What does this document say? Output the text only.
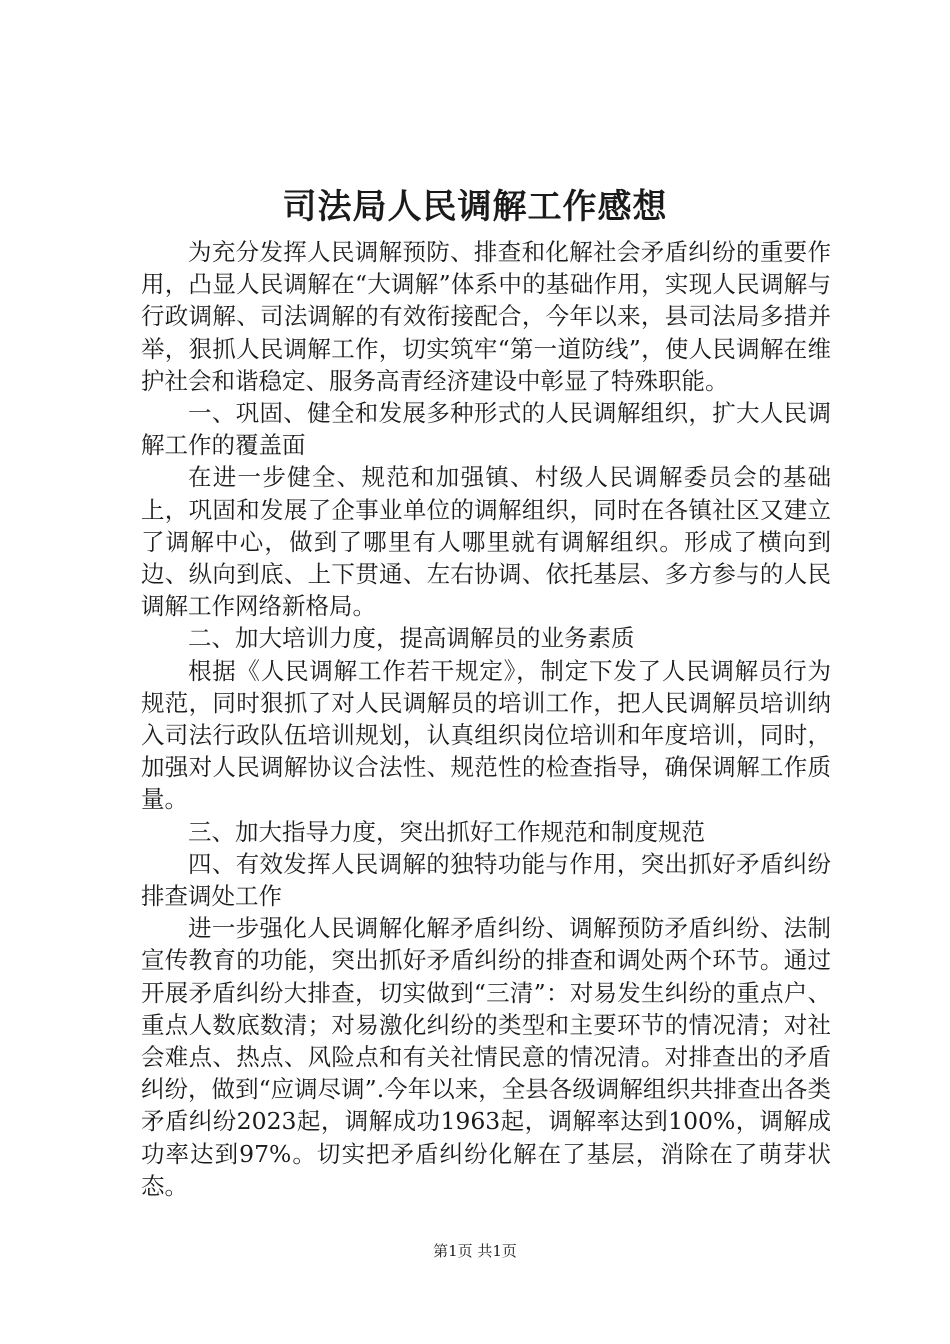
司法局人民调解工作感想

为充分发挥人民调解预防、排查和化解社会矛盾纠纷的重要作用，凸显人民调解在“大调解”体系中的基础作用，实现人民调解与行政调解、司法调解的有效衔接配合，今年以来，县司法局多措并举，狠抓人民调解工作，切实筑牢“第一道防线”，使人民调解在维护社会和谐稳定、服务高青经济建设中彰显了特殊职能。

一、巩固、健全和发展多种形式的人民调解组织，扩大人民调解工作的覆盖面

在进一步健全、规范和加强镇、村级人民调解委员会的基础上，巩固和发展了企事业单位的调解组织，同时在各镇社区又建立了调解中心，做到了哪里有人哪里就有调解组织。形成了横向到边、纵向到底、上下贯通、左右协调、依托基层、多方参与的人民调解工作网络新格局。

二、加大培训力度，提高调解员的业务素质

根据《人民调解工作若干规定》，制定下发了人民调解员行为规范，同时狠抓了对人民调解员的培训工作，把人民调解员培训纳入司法行政队伍培训规划，认真组织岗位培训和年度培训，同时，加强对人民调解协议合法性、规范性的检查指导，确保调解工作质量。

三、加大指导力度，突出抓好工作规范和制度规范

四、有效发挥人民调解的独特功能与作用，突出抓好矛盾纠纷排查调处工作

进一步强化人民调解化解矛盾纠纷、调解预防矛盾纠纷、法制宣传教育的功能，突出抓好矛盾纠纷的排查和调处两个环节。通过开展矛盾纠纷大排查，切实做到“三清”：对易发生纠纷的重点户、重点人数底数清；对易激化纠纷的类型和主要环节的情况清；对社会难点、热点、风险点和有关社情民意的情况清。对排查出的矛盾纠纷，做到“应调尽调”.今年以来，全县各级调解组织共排查出各类矛盾纠纷2023起，调解成功1963起，调解率达到100%，调解成功率达到97%。切实把矛盾纠纷化解在了基层，消除在了萌芽状态。

第1页 共1页
